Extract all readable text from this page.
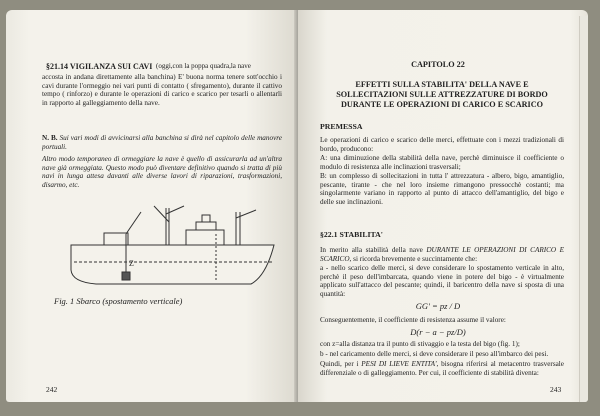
§21.14 VIGILANZA SUI CAVI (oggi,con la poppa quadra,la nave
accosta in andana direttamente alla banchina) E' buona norma tenere sott'occhio i cavi durante l'ormeggio nei vari punti di contatto ( sfregamento), durante il cattivo tempo ( rinforzo) e durante le operazioni di carico e scarico per tesarli o allentarli in rapporto al galleggiamento della nave.
N. B. Sui vari modi di avvicinarsi alla banchina si dirà nel capitolo delle manovre portuali.
Altro modo temporaneo di ormeggiare la nave è quello di assicurarla ad un'altra nave già ormeggiata. Questo modo può diventare definitivo quando si tratta di più navi in lunga attesa davanti alle diverse lavori di riparazioni, trasformazioni, disarmo, etc.
Z
Fig. 1 Sbarco (spostamento verticale)
242
CAPITOLO 22
EFFETTI SULLA STABILITA' DELLA NAVE E SOLLECITAZIONI SULLE ATTREZZATURE DI BORDO DURANTE LE OPERAZIONI DI CARICO E SCARICO
PREMESSA
Le operazioni di carico e scarico delle merci, effettuate con i mezzi tradizionali di bordo, producono:
A: una diminuzione della stabilità della nave, perchè diminuisce il coefficiente o modulo di resistenza alle inclinazioni trasversali;
B: un complesso di sollecitazioni in tutta l' attrezzatura - albero, bigo, amantiglio, pescante, tirante - che nel loro insieme rimangono pressocchè costanti; ma singolarmente variano in rapporto al punto di attacco dell'amantiglio, del bigo e delle sue inclinazioni.
§22.1 STABILITA'
In merito alla stabilità della nave DURANTE LE OPERAZIONI DI CARICO E SCARICO, si ricorda brevemente e succintamente che:
a - nello scarico delle merci, si deve considerare lo spostamento verticale in alto, perchè il peso dell'imbarcata, quando viene in potere del bigo - è virtualmente applicato sull'attacco del pescante; quindi, il baricentro della nave si sposta di una quantità:
GG' = pz / D
Conseguentemente, il coefficiente di resistenza assume il valore:
D(r − a − pz/D)
con z=alla distanza tra il punto di stivaggio e la testa del bigo (fig. 1);
b - nel caricamento delle merci, si deve considerare il peso all'imbarco dei pesi.
Quindi, per i PESI DI LIEVE ENTITA', bisogna riferirsi al metacentro trasversale differenziale o di galleggiamento. Per cui, il coefficiente di stabilità diventa:
243
